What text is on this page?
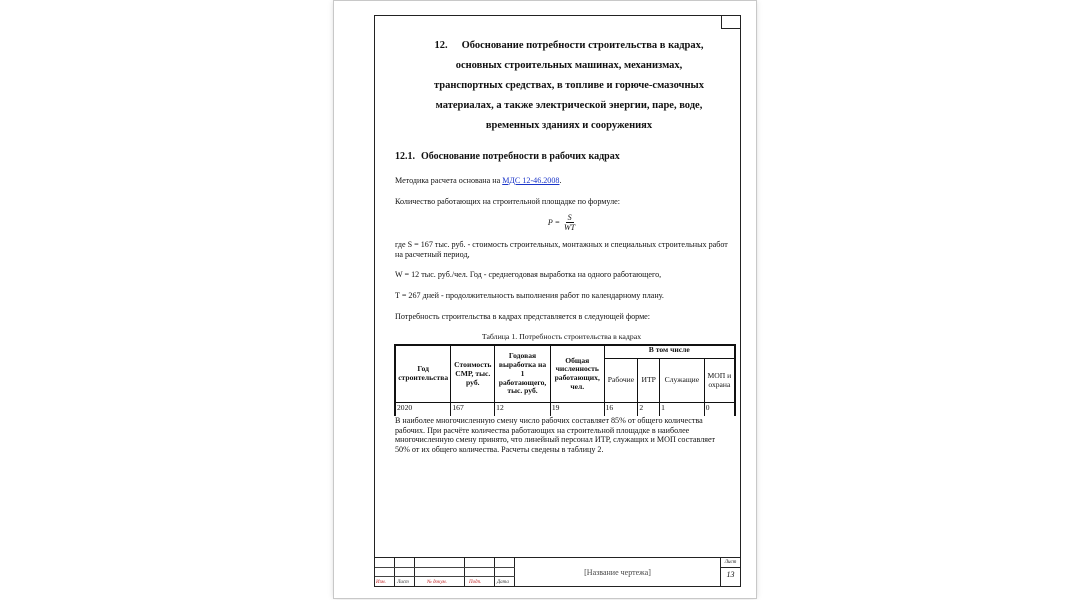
12. Обоснование потребности строительства в кадрах,
основных строительных машинах, механизмах,
транспортных средствах, в топливе и горюче-смазочных
материалах, а также электрической энергии, паре, воде,
временных зданиях и сооружениях
12.1. Обоснование потребности в рабочих кадрах

Методика расчета основана на МДС 12-46.2008.

Количество работающих на строительной площадке по формуле:

$P = \frac{S}{WT}$

где S = 167 тыс. руб. - стоимость строительных, монтажных и специальных строительных работ на расчетный период,

W = 12 тыс. руб./чел. Год - среднегодовая выработка на одного работающего,

T = 267 дней - продолжительность выполнения работ по календарному плану.

Потребность строительства в кадрах представляется в следующей форме:

Таблица 1. Потребность строительства в кадрах
Год строительства	Стоимость СМР, тыс. руб.	Годовая выработка на 1 работающего, тыс. руб.	Общая численность работающих, чел.	В том числе			
				Рабочие	ИТР	Служащие	МОП и охрана
2020	167	12	19	16	2	1	0

В наиболее многочисленную смену число рабочих составляет 85% от общего количества рабочих. При расчёте количества работающих на строительной площадке в наиболее многочисленную смену принято, что линейный персонал ИТР, служащих и МОП составляет 50% от их общего количества. Расчеты сведены в таблицу 2.

Изм. Лист	№ докум.	Подп.	Дата
[Название чертежа]
Лист
13
